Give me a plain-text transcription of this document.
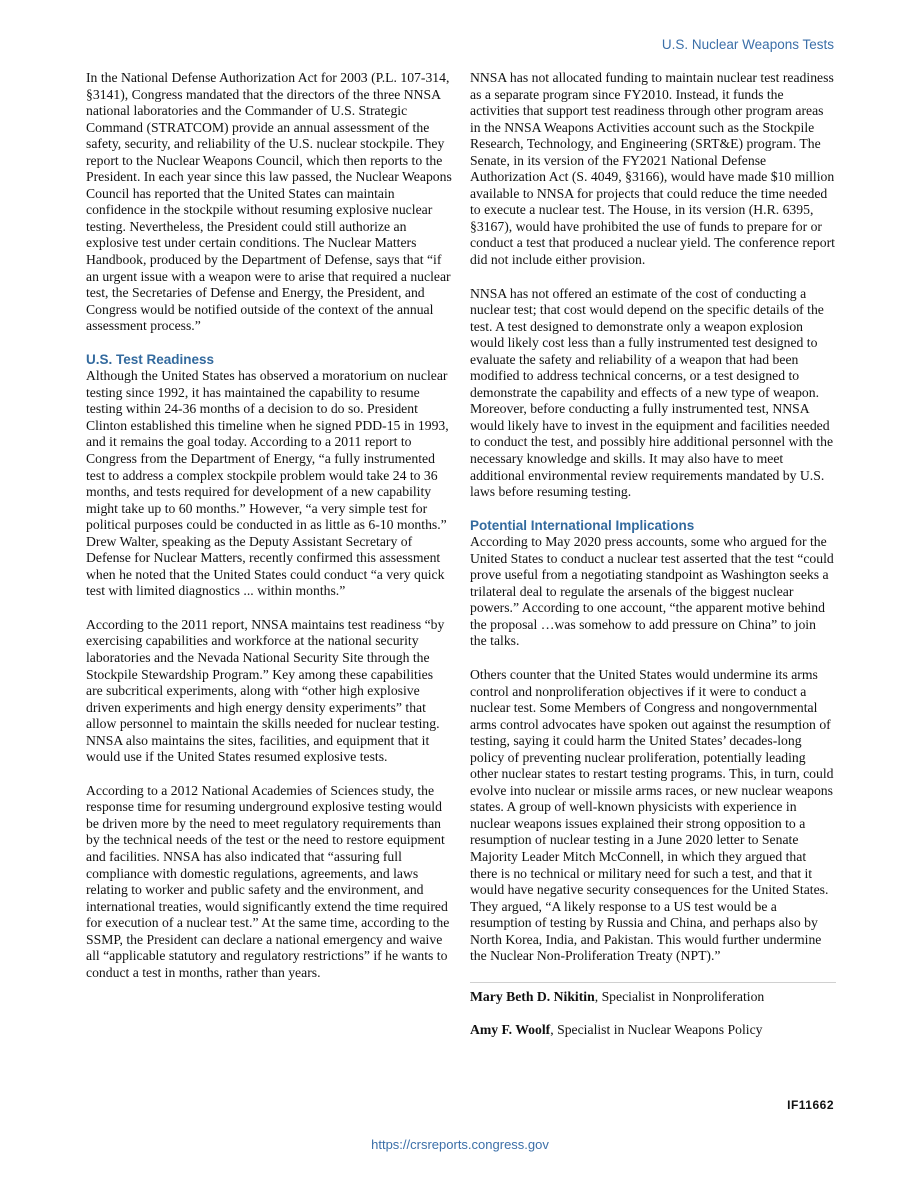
U.S. Nuclear Weapons Tests

In the National Defense Authorization Act for 2003 (P.L. 107-314, §3141), Congress mandated that the directors of the three NNSA national laboratories and the Commander of U.S. Strategic Command (STRATCOM) provide an annual assessment of the safety, security, and reliability of the U.S. nuclear stockpile. They report to the Nuclear Weapons Council, which then reports to the President. In each year since this law passed, the Nuclear Weapons Council has reported that the United States can maintain confidence in the stockpile without resuming explosive nuclear testing. Nevertheless, the President could still authorize an explosive test under certain conditions. The Nuclear Matters Handbook, produced by the Department of Defense, says that “if an urgent issue with a weapon were to arise that required a nuclear test, the Secretaries of Defense and Energy, the President, and Congress would be notified outside of the context of the annual assessment process.”

U.S. Test Readiness

Although the United States has observed a moratorium on nuclear testing since 1992, it has maintained the capability to resume testing within 24-36 months of a decision to do so. President Clinton established this timeline when he signed PDD-15 in 1993, and it remains the goal today. According to a 2011 report to Congress from the Department of Energy, “a fully instrumented test to address a complex stockpile problem would take 24 to 36 months, and tests required for development of a new capability might take up to 60 months.” However, “a very simple test for political purposes could be conducted in as little as 6-10 months.” Drew Walter, speaking as the Deputy Assistant Secretary of Defense for Nuclear Matters, recently confirmed this assessment when he noted that the United States could conduct “a very quick test with limited diagnostics ... within months.”

According to the 2011 report, NNSA maintains test readiness “by exercising capabilities and workforce at the national security laboratories and the Nevada National Security Site through the Stockpile Stewardship Program.” Key among these capabilities are subcritical experiments, along with “other high explosive driven experiments and high energy density experiments” that allow personnel to maintain the skills needed for nuclear testing. NNSA also maintains the sites, facilities, and equipment that it would use if the United States resumed explosive tests.

According to a 2012 National Academies of Sciences study, the response time for resuming underground explosive testing would be driven more by the need to meet regulatory requirements than by the technical needs of the test or the need to restore equipment and facilities. NNSA has also indicated that “assuring full compliance with domestic regulations, agreements, and laws relating to worker and public safety and the environment, and international treaties, would significantly extend the time required for execution of a nuclear test.” At the same time, according to the SSMP, the President can declare a national emergency and waive all “applicable statutory and regulatory restrictions” if he wants to conduct a test in months, rather than years.

NNSA has not allocated funding to maintain nuclear test readiness as a separate program since FY2010. Instead, it funds the activities that support test readiness through other program areas in the NNSA Weapons Activities account such as the Stockpile Research, Technology, and Engineering (SRT&E) program. The Senate, in its version of the FY2021 National Defense Authorization Act (S. 4049, §3166), would have made $10 million available to NNSA for projects that could reduce the time needed to execute a nuclear test. The House, in its version (H.R. 6395, §3167), would have prohibited the use of funds to prepare for or conduct a test that produced a nuclear yield. The conference report did not include either provision.

NNSA has not offered an estimate of the cost of conducting a nuclear test; that cost would depend on the specific details of the test. A test designed to demonstrate only a weapon explosion would likely cost less than a fully instrumented test designed to evaluate the safety and reliability of a weapon that had been modified to address technical concerns, or a test designed to demonstrate the capability and effects of a new type of weapon. Moreover, before conducting a fully instrumented test, NNSA would likely have to invest in the equipment and facilities needed to conduct the test, and possibly hire additional personnel with the necessary knowledge and skills. It may also have to meet additional environmental review requirements mandated by U.S. laws before resuming testing.

Potential International Implications

According to May 2020 press accounts, some who argued for the United States to conduct a nuclear test asserted that the test “could prove useful from a negotiating standpoint as Washington seeks a trilateral deal to regulate the arsenals of the biggest nuclear powers.” According to one account, “the apparent motive behind the proposal …was somehow to add pressure on China” to join the talks.

Others counter that the United States would undermine its arms control and nonproliferation objectives if it were to conduct a nuclear test. Some Members of Congress and nongovernmental arms control advocates have spoken out against the resumption of testing, saying it could harm the United States’ decades-long policy of preventing nuclear proliferation, potentially leading other nuclear states to restart testing programs. This, in turn, could evolve into nuclear or missile arms races, or new nuclear weapons states. A group of well-known physicists with experience in nuclear weapons issues explained their strong opposition to a resumption of nuclear testing in a June 2020 letter to Senate Majority Leader Mitch McConnell, in which they argued that there is no technical or military need for such a test, and that it would have negative security consequences for the United States. They argued, “A likely response to a US test would be a resumption of testing by Russia and China, and perhaps also by North Korea, India, and Pakistan. This would further undermine the Nuclear Non-Proliferation Treaty (NPT).”

Mary Beth D. Nikitin, Specialist in Nonproliferation

Amy F. Woolf, Specialist in Nuclear Weapons Policy

IF11662
https://crsreports.congress.gov
